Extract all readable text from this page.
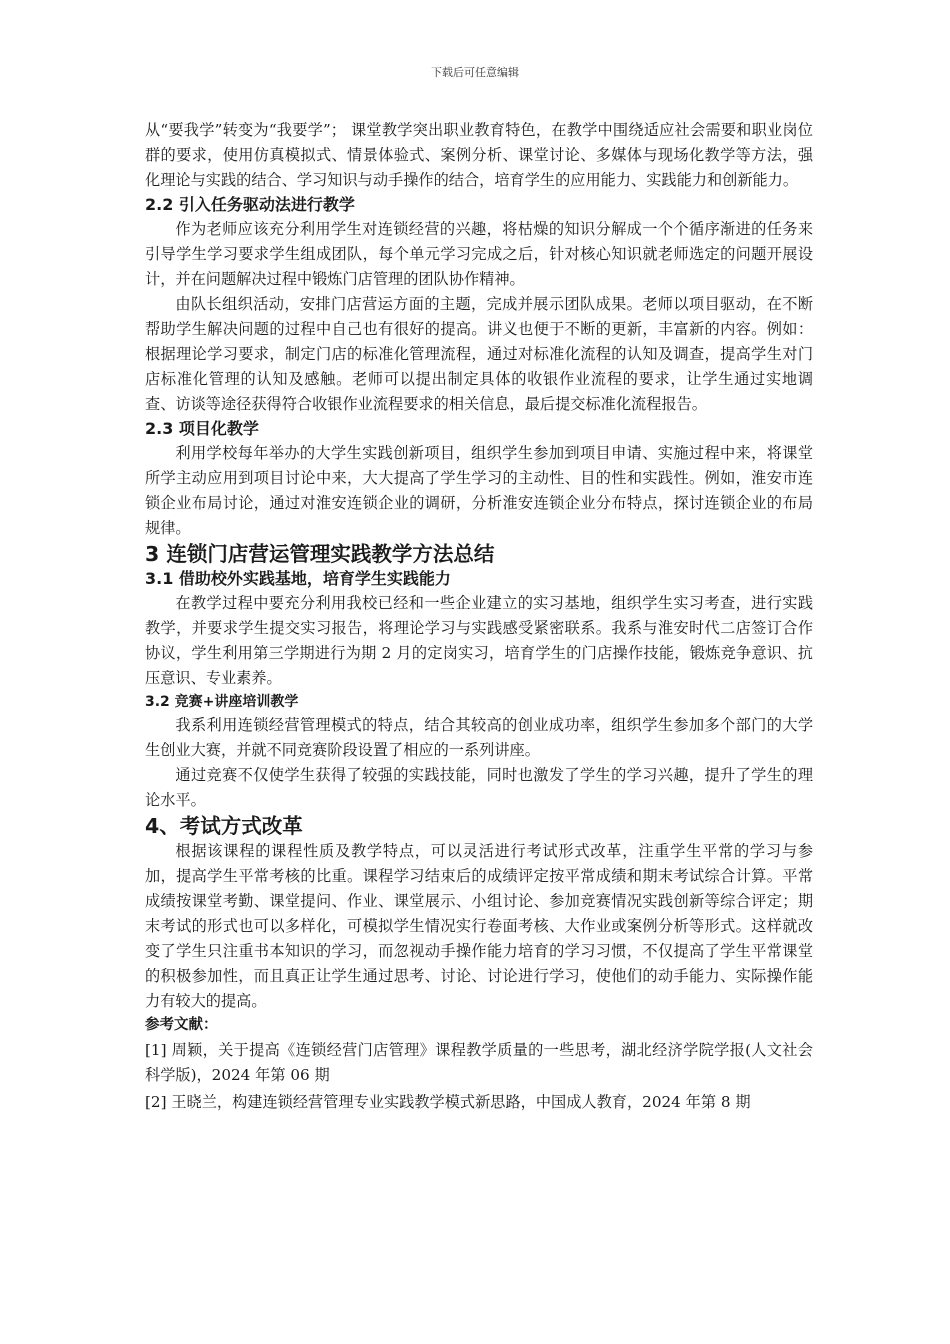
下载后可任意编辑

从“要我学”转变为“我要学”； 课堂教学突出职业教育特色，在教学中围绕适应社会需要和职业岗位群的要求，使用仿真模拟式、情景体验式、案例分析、课堂讨论、多媒体与现场化教学等方法，强化理论与实践的结合、学习知识与动手操作的结合，培育学生的应用能力、实践能力和创新能力。

2.2 引入任务驱动法进行教学

作为老师应该充分利用学生对连锁经营的兴趣，将枯燥的知识分解成一个个循序渐进的任务来引导学生学习要求学生组成团队，每个单元学习完成之后，针对核心知识就老师选定的问题开展设计，并在问题解决过程中锻炼门店管理的团队协作精神。

由队长组织活动，安排门店营运方面的主题，完成并展示团队成果。老师以项目驱动，在不断帮助学生解决问题的过程中自己也有很好的提高。讲义也便于不断的更新，丰富新的内容。例如：根据理论学习要求，制定门店的标准化管理流程，通过对标准化流程的认知及调查，提高学生对门店标准化管理的认知及感触。老师可以提出制定具体的收银作业流程的要求，让学生通过实地调查、访谈等途径获得符合收银作业流程要求的相关信息，最后提交标准化流程报告。

2.3 项目化教学

利用学校每年举办的大学生实践创新项目，组织学生参加到项目申请、实施过程中来，将课堂所学主动应用到项目讨论中来，大大提高了学生学习的主动性、目的性和实践性。例如，淮安市连锁企业布局讨论，通过对淮安连锁企业的调研，分析淮安连锁企业分布特点，探讨连锁企业的布局规律。

3 连锁门店营运管理实践教学方法总结
3.1 借助校外实践基地，培育学生实践能力

在教学过程中要充分利用我校已经和一些企业建立的实习基地，组织学生实习考查，进行实践教学，并要求学生提交实习报告，将理论学习与实践感受紧密联系。我系与淮安时代二店签订合作协议，学生利用第三学期进行为期 2 月的定岗实习，培育学生的门店操作技能，锻炼竞争意识、抗压意识、专业素养。

3.2 竞赛+讲座培训教学

我系利用连锁经营管理模式的特点，结合其较高的创业成功率，组织学生参加多个部门的大学生创业大赛，并就不同竞赛阶段设置了相应的一系列讲座。

通过竞赛不仅使学生获得了较强的实践技能，同时也激发了学生的学习兴趣，提升了学生的理论水平。

4、考试方式改革

根据该课程的课程性质及教学特点，可以灵活进行考试形式改革，注重学生平常的学习与参加，提高学生平常考核的比重。课程学习结束后的成绩评定按平常成绩和期末考试综合计算。平常成绩按课堂考勤、课堂提问、作业、课堂展示、小组讨论、参加竞赛情况实践创新等综合评定；期末考试的形式也可以多样化，可模拟学生情况实行卷面考核、大作业或案例分析等形式。这样就改变了学生只注重书本知识的学习，而忽视动手操作能力培育的学习习惯，不仅提高了学生平常课堂的积极参加性，而且真正让学生通过思考、讨论、讨论进行学习，使他们的动手能力、实际操作能力有较大的提高。

参考文献：

[1] 周颖，关于提高《连锁经营门店管理》课程教学质量的一些思考，湖北经济学院学报(人文社会科学版)，2024 年第 06 期

[2] 王晓兰，构建连锁经营管理专业实践教学模式新思路，中国成人教育，2024 年第 8 期
